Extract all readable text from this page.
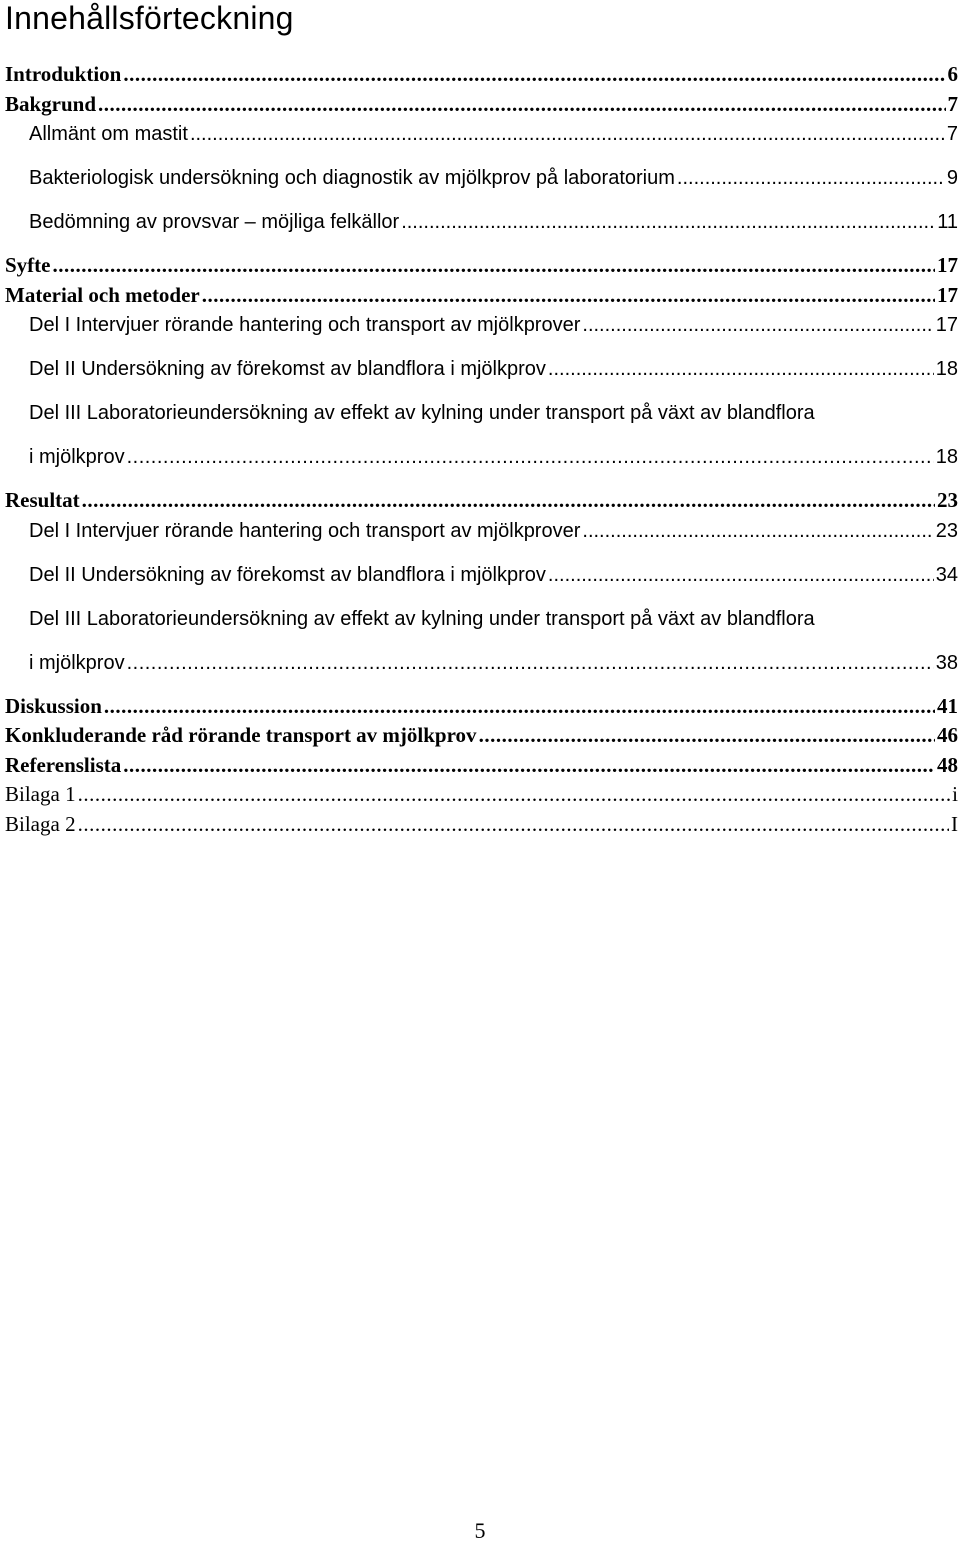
Innehållsförteckning
Introduktion .....	6
Bakgrund .....	7
Allmänt om mastit .....	7
Bakteriologisk undersökning och diagnostik av mjölkprov på laboratorium .....	9
Bedömning av provsvar – möjliga felkällor .....	11
Syfte .....	17
Material och metoder .....	17
Del I Intervjuer rörande hantering och transport av mjölkprover .....	17
Del II Undersökning av förekomst av blandflora i mjölkprov .....	18
Del III Laboratorieundersökning av effekt av kylning under transport på växt av blandflora
i mjölkprov .....	18
Resultat .....	23
Del I Intervjuer rörande hantering och transport av mjölkprover .....	23
Del II Undersökning av förekomst av blandflora i mjölkprov .....	34
Del III Laboratorieundersökning av effekt av kylning under transport på växt av blandflora
i mjölkprov .....	38
Diskussion .....	41
Konkluderande råd rörande transport av mjölkprov .....	46
Referenslista .....	48
Bilaga 1 .....	i
Bilaga 2 .....	I
5
